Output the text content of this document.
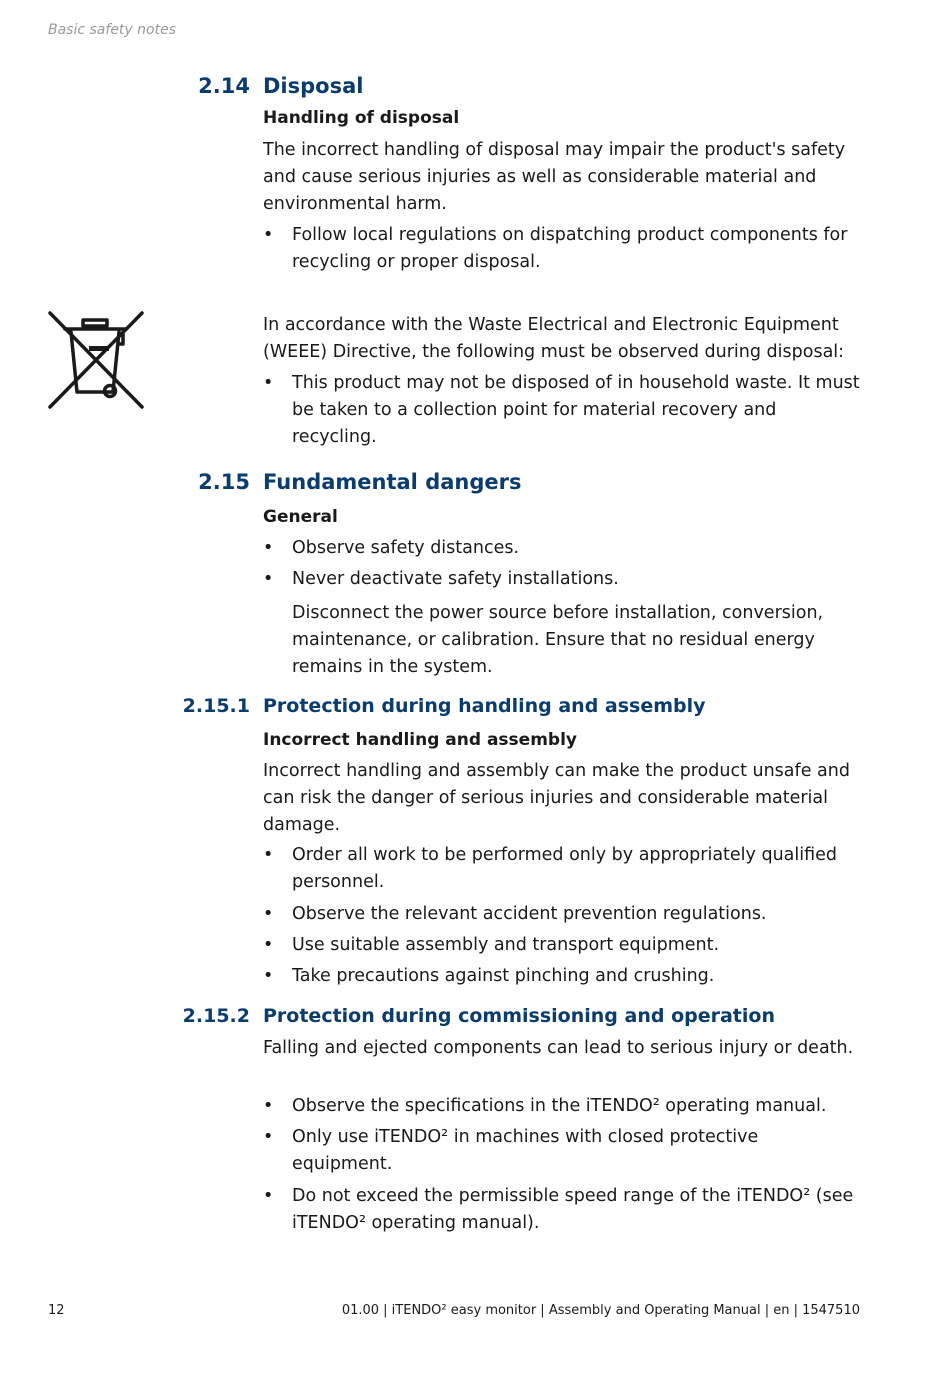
Basic safety notes
2.14 Disposal
Handling of disposal
The incorrect handling of disposal may impair the product's safety and cause serious injuries as well as considerable material and environmental harm.
•	Follow local regulations on dispatching product components for recycling or proper disposal.
In accordance with the Waste Electrical and Electronic Equipment (WEEE) Directive, the following must be observed during disposal:
•	This product may not be disposed of in household waste. It must be taken to a collection point for material recovery and recycling.
2.15 Fundamental dangers
General
•	Observe safety distances.
•	Never deactivate safety installations.
Disconnect the power source before installation, conversion, maintenance, or calibration. Ensure that no residual energy remains in the system.
2.15.1 Protection during handling and assembly
Incorrect handling and assembly
Incorrect handling and assembly can make the product unsafe and can risk the danger of serious injuries and considerable material damage.
•	Order all work to be performed only by appropriately qualified personnel.
•	Observe the relevant accident prevention regulations.
•	Use suitable assembly and transport equipment.
•	Take precautions against pinching and crushing.
2.15.2 Protection during commissioning and operation
Falling and ejected components can lead to serious injury or death.
•	Observe the specifications in the iTENDO² operating manual.
•	Only use iTENDO² in machines with closed protective equipment.
•	Do not exceed the permissible speed range of the iTENDO² (see iTENDO² operating manual).
12	01.00 | iTENDO² easy monitor | Assembly and Operating Manual | en | 1547510
